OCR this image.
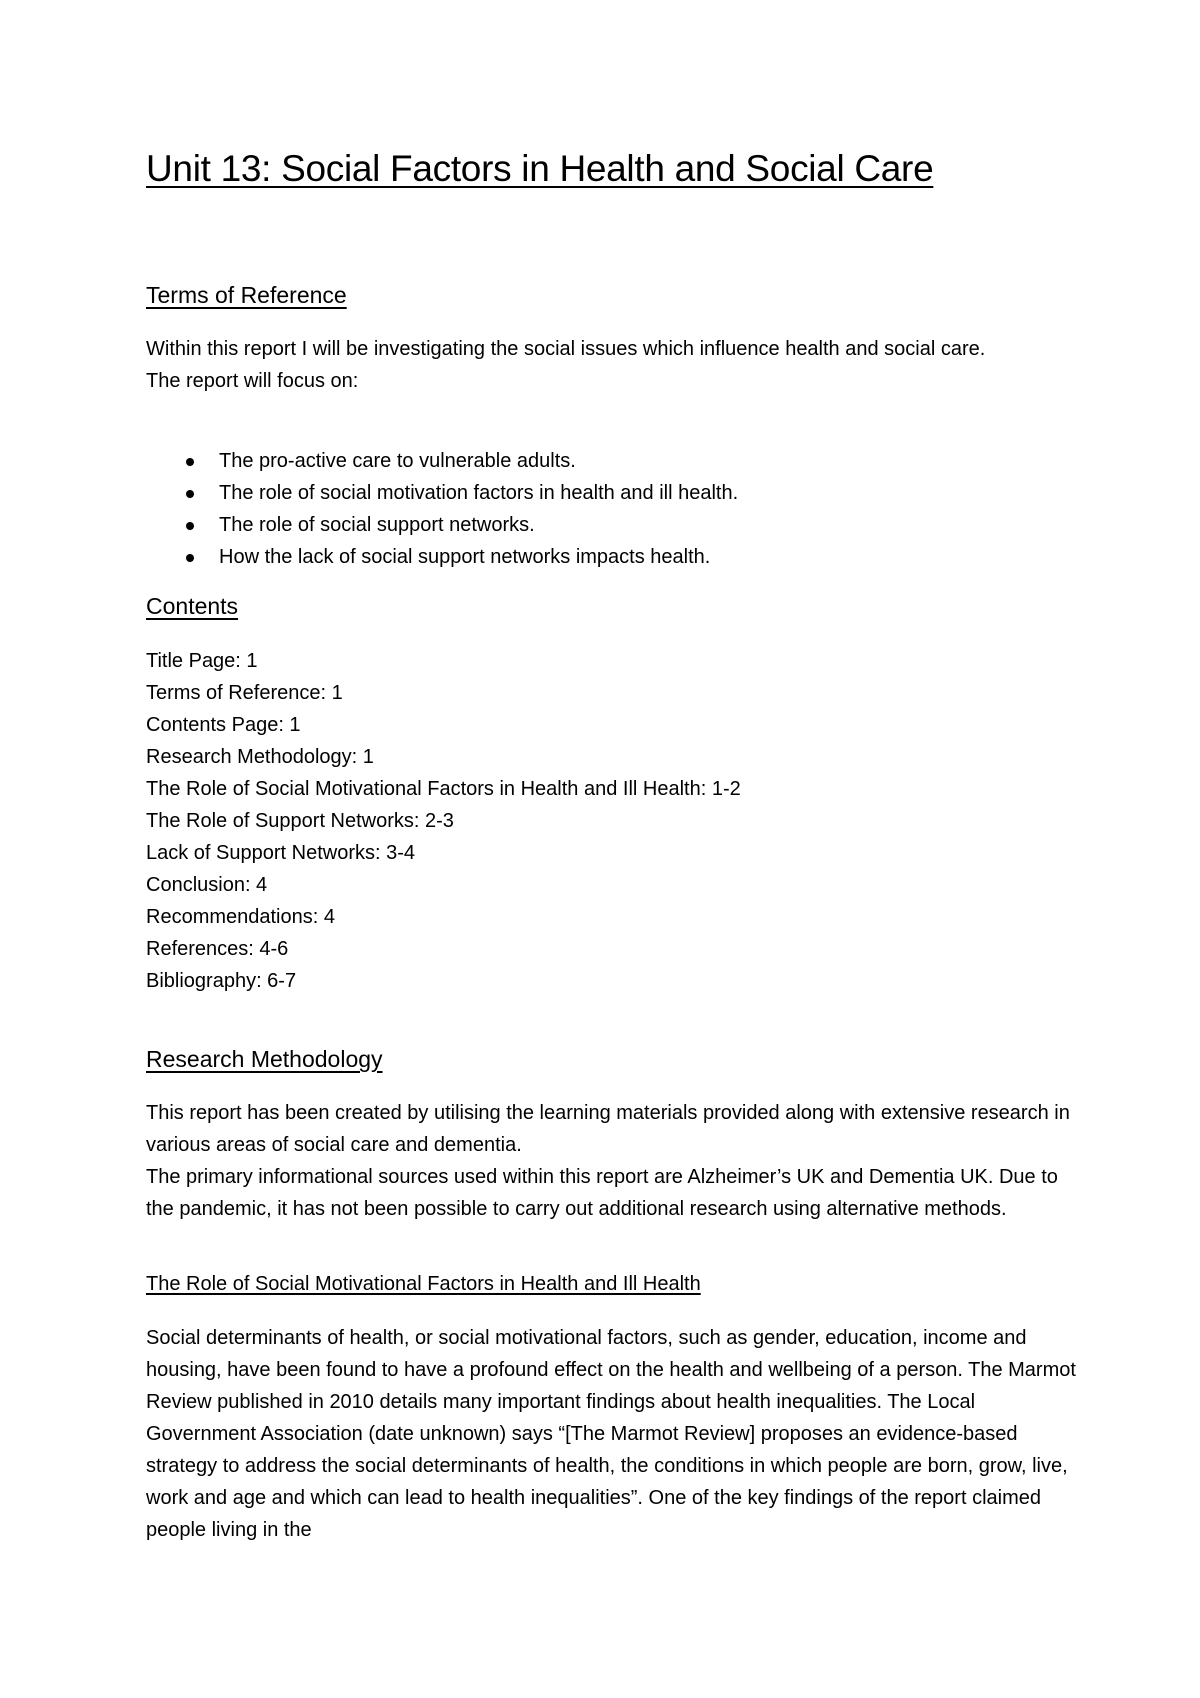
Unit 13: Social Factors in Health and Social Care
Terms of Reference

Within this report I will be investigating the social issues which influence health and social care.

The report will focus on:

The pro-active care to vulnerable adults.
The role of social motivation factors in health and ill health.
The role of social support networks.
How the lack of social support networks impacts health.
Contents
Title Page: 1
Terms of Reference: 1
Contents Page: 1
Research Methodology: 1
The Role of Social Motivational Factors in Health and Ill Health: 1-2
The Role of Support Networks: 2-3
Lack of Support Networks: 3-4
Conclusion: 4
Recommendations: 4
References: 4-6
Bibliography: 6-7
Research Methodology

This report has been created by utilising the learning materials provided along with extensive research in various areas of social care and dementia.

The primary informational sources used within this report are Alzheimer’s UK and Dementia UK. Due to the pandemic, it has not been possible to carry out additional research using alternative methods.

The Role of Social Motivational Factors in Health and Ill Health

Social determinants of health, or social motivational factors, such as gender, education, income and housing, have been found to have a profound effect on the health and wellbeing of a person. The Marmot Review published in 2010 details many important findings about health inequalities. The Local Government Association (date unknown) says “[The Marmot Review] proposes an evidence-based strategy to address the social determinants of health, the conditions in which people are born, grow, live, work and age and which can lead to health inequalities”. One of the key findings of the report claimed people living in the
